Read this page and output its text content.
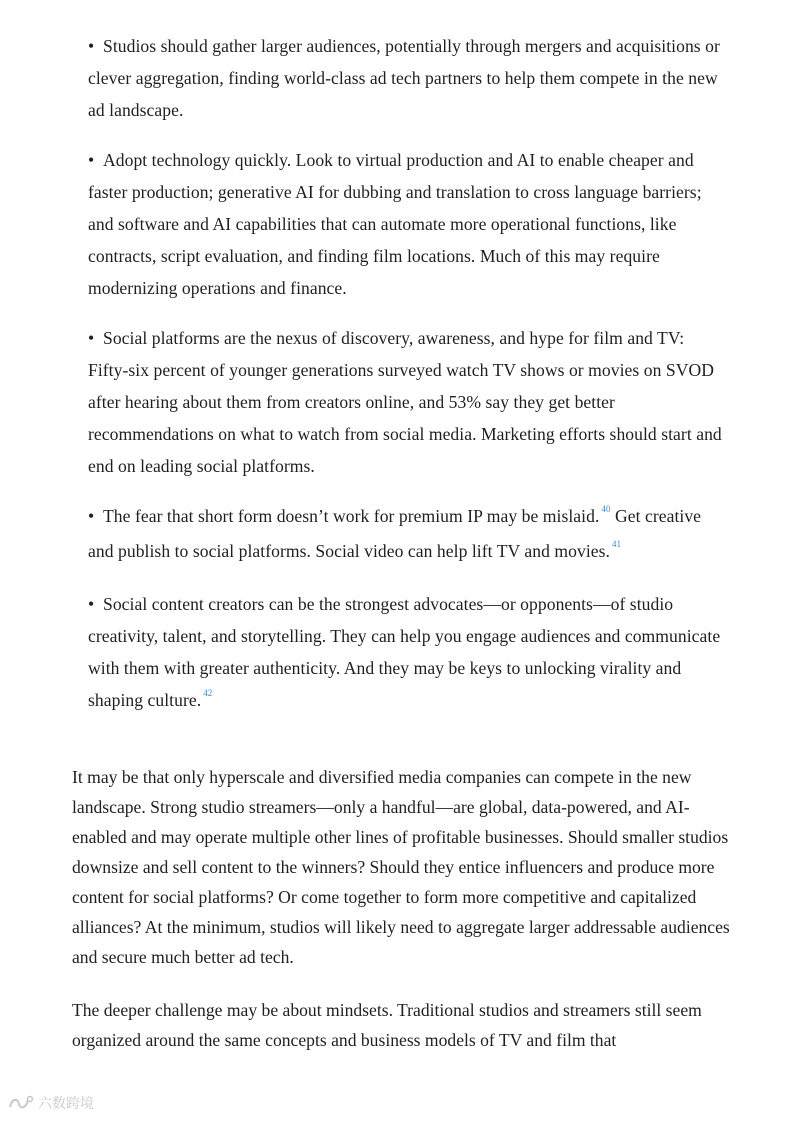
• Studios should gather larger audiences, potentially through mergers and acquisitions or clever aggregation, finding world-class ad tech partners to help them compete in the new ad landscape.

• Adopt technology quickly. Look to virtual production and AI to enable cheaper and faster production; generative AI for dubbing and translation to cross language barriers; and software and AI capabilities that can automate more operational functions, like contracts, script evaluation, and finding film locations. Much of this may require modernizing operations and finance.

• Social platforms are the nexus of discovery, awareness, and hype for film and TV: Fifty-six percent of younger generations surveyed watch TV shows or movies on SVOD after hearing about them from creators online, and 53% say they get better recommendations on what to watch from social media. Marketing efforts should start and end on leading social platforms.

• The fear that short form doesn’t work for premium IP may be mislaid. $^{40}$ Get creative and publish to social platforms. Social video can help lift TV and movies. $^{41}$

• Social content creators can be the strongest advocates—or opponents—of studio creativity, talent, and storytelling. They can help you engage audiences and communicate with them with greater authenticity. And they may be keys to unlocking virality and shaping culture. $^{42}$

It may be that only hyperscale and diversified media companies can compete in the new landscape. Strong studio streamers—only a handful—are global, data-powered, and AI-enabled and may operate multiple other lines of profitable businesses. Should smaller studios downsize and sell content to the winners? Should they entice influencers and produce more content for social platforms? Or come together to form more competitive and capitalized alliances? At the minimum, studios will likely need to aggregate larger addressable audiences and secure much better ad tech.

The deeper challenge may be about mindsets. Traditional studios and streamers still seem organized around the same concepts and business models of TV and film that

六数跨境
